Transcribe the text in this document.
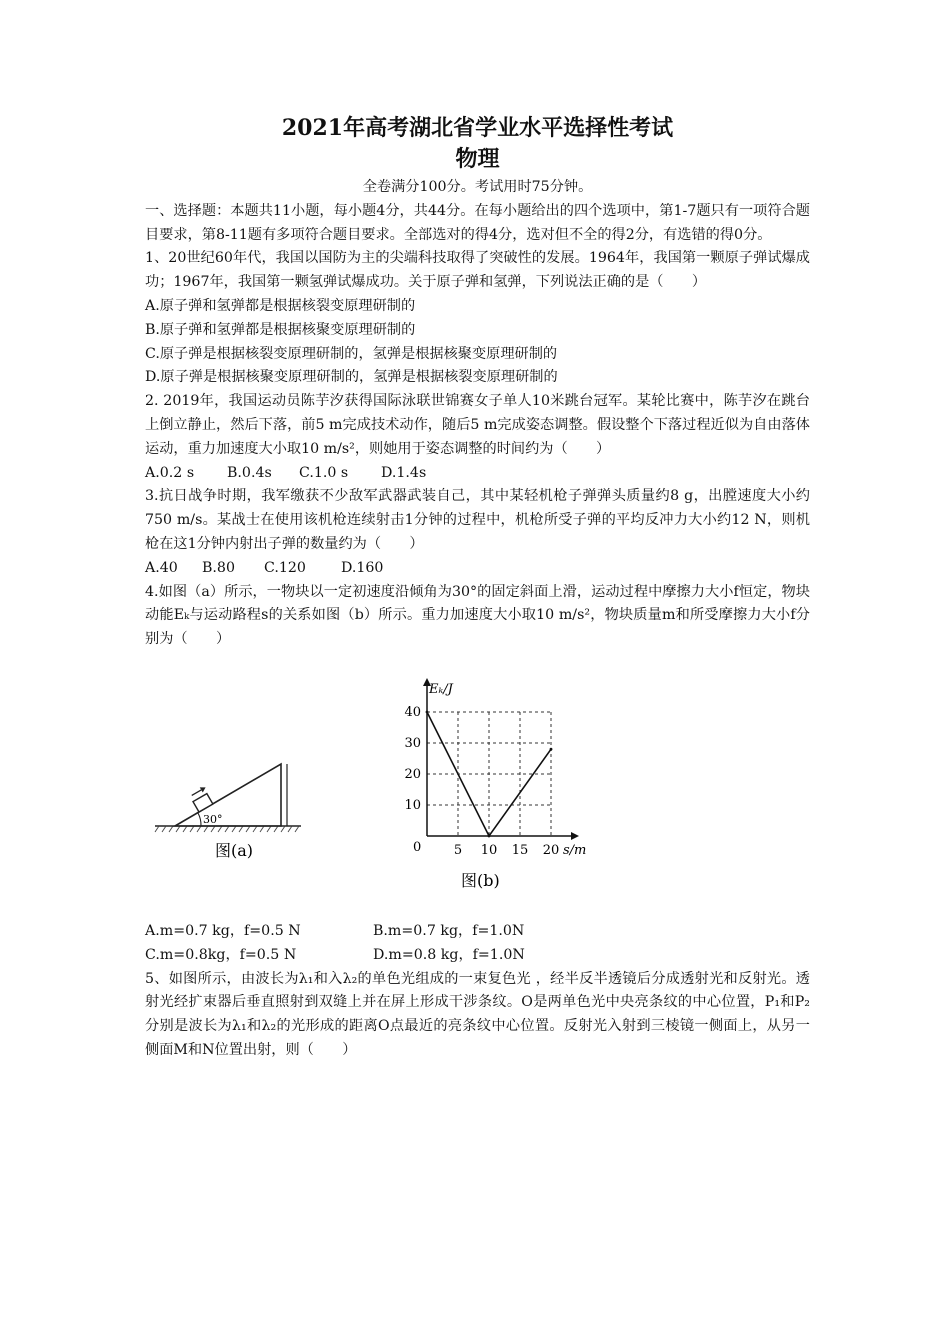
2021年高考湖北省学业水平选择性考试
物理

全卷满分100分。考试用时75分钟。

一、选择题：本题共11小题，每小题4分，共44分。在每小题给出的四个选项中，第1-7题只有一项符合题目要求，第8-11题有多项符合题目要求。全部选对的得4分，选对但不全的得2分，有选错的得0分。

1、20世纪60年代，我国以国防为主的尖端科技取得了突破性的发展。1964年，我国第一颗原子弹试爆成功；1967年，我国第一颗氢弹试爆成功。关于原子弹和氢弹，下列说法正确的是（　　）

A.原子弹和氢弹都是根据核裂变原理研制的

B.原子弹和氢弹都是根据核聚变原理研制的

C.原子弹是根据核裂变原理研制的，氢弹是根据核聚变原理研制的

D.原子弹是根据核聚变原理研制的，氢弹是根据核裂变原理研制的

2. 2019年，我国运动员陈芋汐获得国际泳联世锦赛女子单人10米跳台冠军。某轮比赛中，陈芋汐在跳台上倒立静止，然后下落，前5 m完成技术动作，随后5 m完成姿态调整。假设整个下落过程近似为自由落体运动，重力加速度大小取10 m/s²，则她用于姿态调整的时间约为（　　）

A.0.2 s B.0.4s C.1.0 s D.1.4s

3.抗日战争时期，我军缴获不少敌军武器武装自己，其中某轻机枪子弹弹头质量约8 g，出膛速度大小约750 m/s。某战士在使用该机枪连续射击1分钟的过程中，机枪所受子弹的平均反冲力大小约12 N，则机枪在这1分钟内射出子弹的数量约为（　　）

A.40 B.80 C.120 D.160

4.如图（a）所示，一物块以一定初速度沿倾角为30°的固定斜面上滑，运动过程中摩擦力大小f恒定，物块动能Eₖ与运动路程s的关系如图（b）所示。重力加速度大小取10 m/s²，物块质量m和所受摩擦力大小f分别为（　　）

30°
图(a)	5 10 15 20
10
20
30
40
Eₖ/J
s/m
0
图(b)
A.m=0.7 kg，f=0.5 N	B.m=0.7 kg，f=1.0N
C.m=0.8kg，f=0.5 N	D.m=0.8 kg，f=1.0N

5、如图所示，由波长为λ₁和入λ₂的单色光组成的一束复色光 ，经半反半透镜后分成透射光和反射光。透射光经扩束器后垂直照射到双缝上并在屏上形成干涉条纹。O是两单色光中央亮条纹的中心位置，P₁和P₂分别是波长为λ₁和λ₂的光形成的距离O点最近的亮条纹中心位置。反射光入射到三棱镜一侧面上，从另一侧面M和N位置出射，则（　　）
